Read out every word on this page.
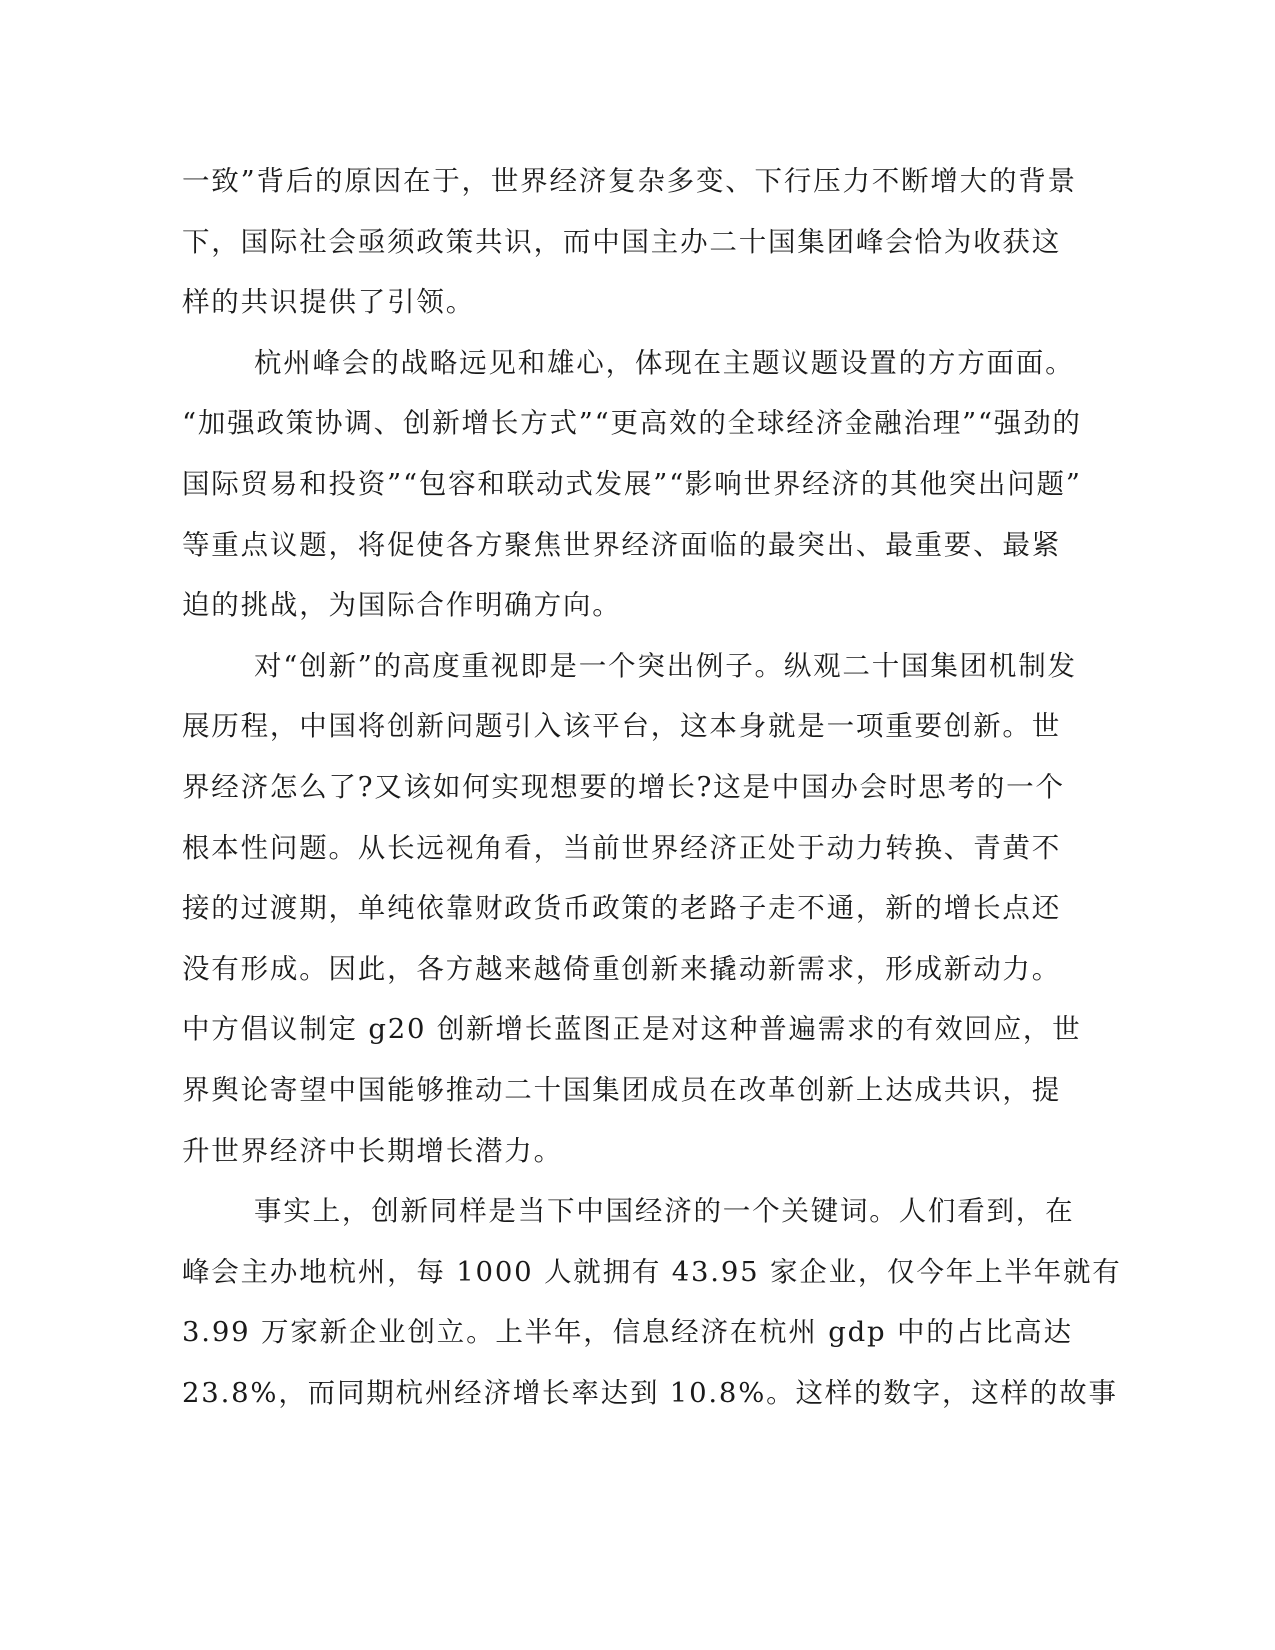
一致”背后的原因在于，世界经济复杂多变、下行压力不断增大的背景
下，国际社会亟须政策共识，而中国主办二十国集团峰会恰为收获这
样的共识提供了引领。
杭州峰会的战略远见和雄心，体现在主题议题设置的方方面面。
“加强政策协调、创新增长方式”“更高效的全球经济金融治理”“强劲的
国际贸易和投资”“包容和联动式发展”“影响世界经济的其他突出问题”
等重点议题，将促使各方聚焦世界经济面临的最突出、最重要、最紧
迫的挑战，为国际合作明确方向。
对“创新”的高度重视即是一个突出例子。纵观二十国集团机制发
展历程，中国将创新问题引入该平台，这本身就是一项重要创新。世
界经济怎么了?又该如何实现想要的增长?这是中国办会时思考的一个
根本性问题。从长远视角看，当前世界经济正处于动力转换、青黄不
接的过渡期，单纯依靠财政货币政策的老路子走不通，新的增长点还
没有形成。因此，各方越来越倚重创新来撬动新需求，形成新动力。
中方倡议制定 g20 创新增长蓝图正是对这种普遍需求的有效回应，世
界舆论寄望中国能够推动二十国集团成员在改革创新上达成共识，提
升世界经济中长期增长潜力。
事实上，创新同样是当下中国经济的一个关键词。人们看到，在
峰会主办地杭州，每 1000 人就拥有 43.95 家企业，仅今年上半年就有
3.99 万家新企业创立。上半年，信息经济在杭州 gdp 中的占比高达
23.8%，而同期杭州经济增长率达到 10.8%。这样的数字，这样的故事
